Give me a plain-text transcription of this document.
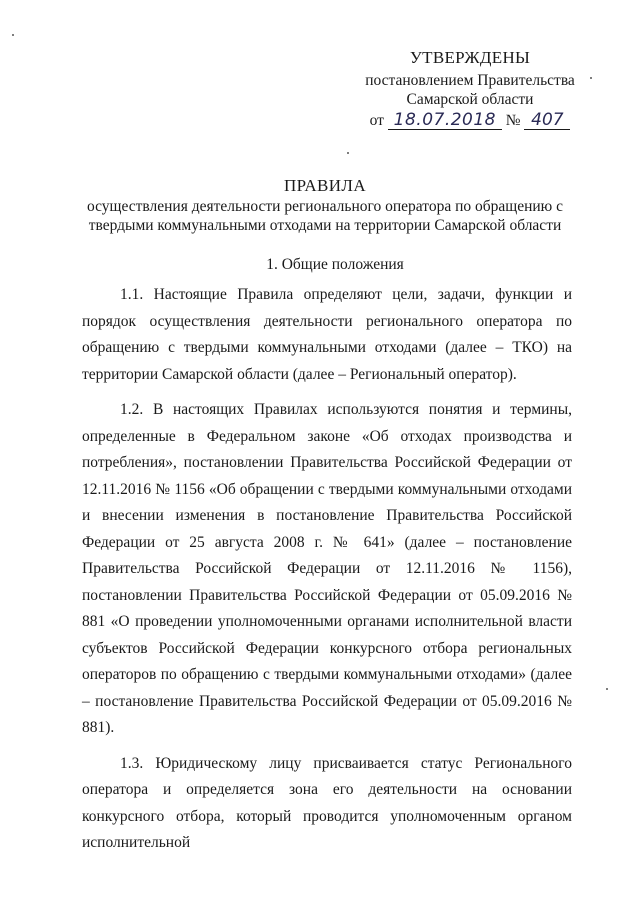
УТВЕРЖДЕНЫ
постановлением Правительства
Самарской области
от 18.07.2018 № 407
ПРАВИЛА
осуществления деятельности регионального оператора по обращению с
твердыми коммунальными отходами на территории Самарской области
1. Общие положения

1.1. Настоящие Правила определяют цели, задачи, функции и порядок осуществления деятельности регионального оператора по обращению с твердыми коммунальными отходами (далее – ТКО) на территории Самарской области (далее – Региональный оператор).

1.2. В настоящих Правилах используются понятия и термины, определенные в Федеральном законе «Об отходах производства и потребления», постановлении Правительства Российской Федерации от 12.11.2016 № 1156 «Об обращении с твердыми коммунальными отходами и внесении изменения в постановление Правительства Российской Федерации от 25 августа 2008 г. № 641» (далее – постановление Правительства Российской Федерации от 12.11.2016 № 1156), постановлении Правительства Российской Федерации от 05.09.2016 № 881 «О проведении уполномоченными органами исполнительной власти субъектов Российской Федерации конкурсного отбора региональных операторов по обращению с твердыми коммунальными отходами» (далее – постановление Правительства Российской Федерации от 05.09.2016 № 881).

1.3. Юридическому лицу присваивается статус Регионального оператора и определяется зона его деятельности на основании конкурсного отбора, который проводится уполномоченным органом исполнительной
